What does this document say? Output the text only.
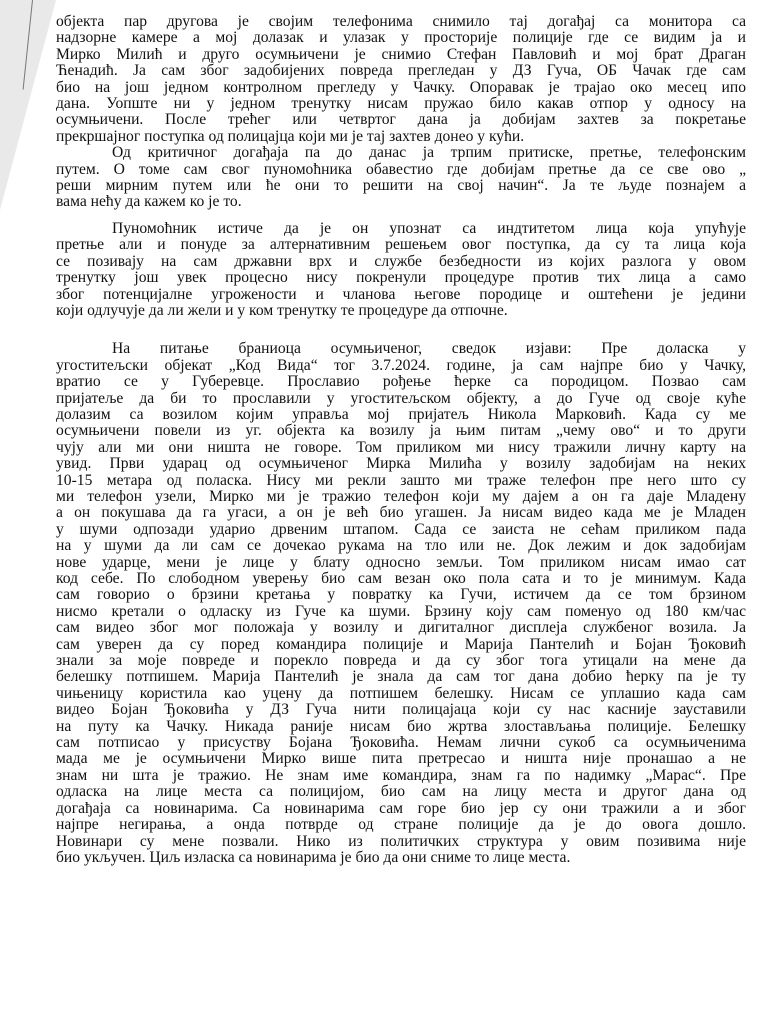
објекта пар другова је својим телефонима снимило тај догађај са монитора са
надзорне камере а мој долазак и улазак у просторије полиције где се видим ја и
Мирко Милић и друго осумњичени је снимио Стефан Павловић и мој брат Драган
Ћенадић. Ја сам због задобијених повреда прегледан у ДЗ Гуча, ОБ Чачак где сам
био на још једном контролном прегледу у Чачку. Опоравак је трајао око месец ипо
дана. Уопште ни у једном тренутку нисам пружао било какав отпор у односу на
осумњичени. После трећег или четвртог дана ја добијам захтев за покретање
прекршајног поступка од полицајца који ми је тај захтев донео у кући.
Од критичног догађаја па до данас ја трпим притиске, претње, телефонским
путем. О томе сам свог пуномоћника обавестио где добијам претње да се све ово „
реши мирним путем или ће они то решити на свој начин“. Ја те људе познајем а
вама нећу да кажем ко је то.
Пуномоћник истиче да је он упознат са индтитетом лица која упућује
претње али и понуде за алтернативним решењем овог поступка, да су та лица која
се позивају на сам државни врх и службе безбедности из којих разлога у овом
тренутку још увек процесно нису покренули процедуре против тих лица а само
због потенцијалне угрожености и чланова његове породице и оштећени је једини
који одлучује да ли жели и у ком тренутку те процедуре да отпочне.
На питање браниоца осумњиченог, сведок изјави: Пре доласка у
угоститељски објекат „Код Вида“ тог 3.7.2024. године, ја сам најпре био у Чачку,
вратио се у Губеревце. Прославио рођење ћерке са породицом. Позвао сам
пријатеље да би то прославили у угоститељском објекту, а до Гуче од своје куће
долазим са возилом којим управља мој пријатељ Никола Марковић. Када су ме
осумњичени повели из уг. објекта ка возилу ја њим питам „чему ово“ и то други
чују али ми они ништа не говоре. Том приликом ми нису тражили личну карту на
увид. Први ударац од осумњиченог Мирка Милића у возилу задобијам на неких
10-15 метара од поласка. Нису ми рекли зашто ми траже телефон пре него што су
ми телефон узели, Мирко ми је тражио телефон који му дајем а он га даје Младену
а он покушава да га угаси, а он је већ био угашен. Ја нисам видео када ме је Младен
у шуми одпозади ударио дрвеним штапом. Сада се заиста не сећам приликом пада
на у шуми да ли сам се дочекао рукама на тло или не. Док лежим и док задобијам
нове ударце, мени је лице у блату односно земљи. Том приликом нисам имао сат
код себе. По слободном уверењу био сам везан око пола сата и то је минимум. Када
сам говорио о брзини кретања у повратку ка Гучи, истичем да се том брзином
нисмо кретали о одласку из Гуче ка шуми. Брзину коју сам поменуо од 180 км/час
сам видео због мог положаја у возилу и дигиталног дисплеја службеног возила. Ја
сам уверен да су поред командира полиције и Марија Пантелић и Бојан Ђоковић
знали за моје повреде и порекло повреда и да су због тога утицали на мене да
белешку потпишем. Марија Пантелић је знала да сам тог дана добио ћерку па је ту
чињеницу користила као уцену да потпишем белешку. Нисам се уплашио када сам
видео Бојан Ђоковића у ДЗ Гуча нити полицајаца који су нас касније зауставили
на путу ка Чачку. Никада раније нисам био жртва злостављања полиције. Белешку
сам потписао у присуству Бојана Ђоковића. Немам лични сукоб са осумњиченима
мада ме је осумњичени Мирко више пита претресао и ништа није пронашао а не
знам ни шта је тражио. Не знам име командира, знам га по надимку „Марас“. Пре
одласка на лице места са полицијом, био сам на лицу места и другог дана од
догађаја са новинарима. Са новинарима сам горе био јер су они тражили а и због
најпре негирања, а онда потврде од стране полиције да је до овога дошло.
Новинари су мене позвали. Нико из политичких структура у овим позивима није
био укључен. Циљ изласка са новинарима је био да они сниме то лице места.
